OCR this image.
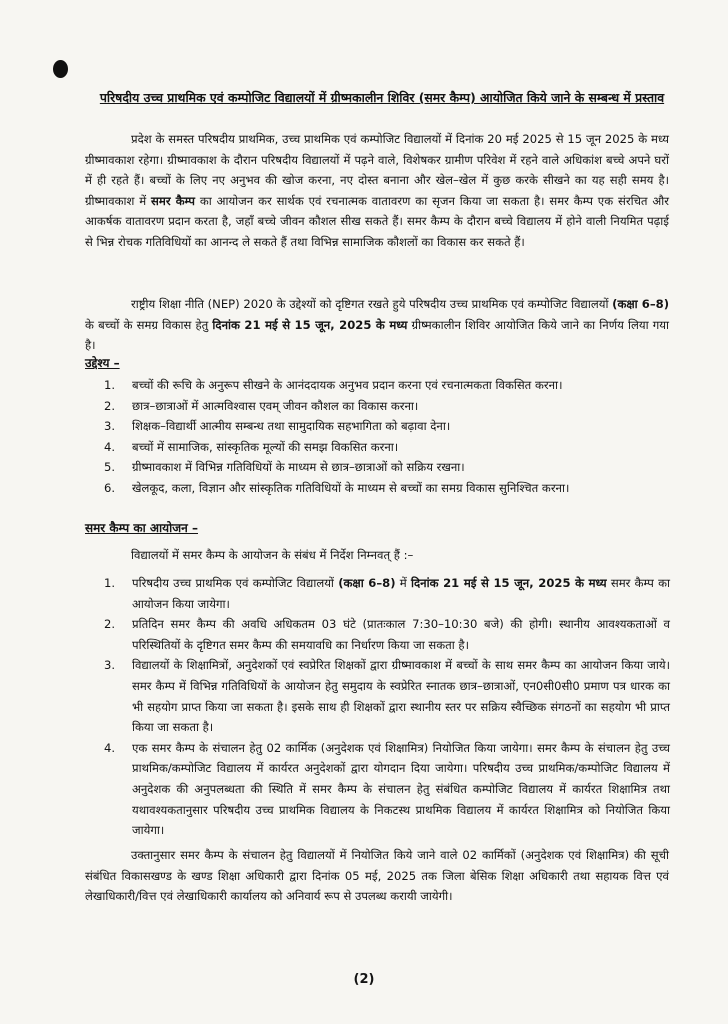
परिषदीय उच्च प्राथमिक एवं कम्पोजिट विद्यालयों में ग्रीष्मकालीन शिविर (समर कैम्प) आयोजित किये जाने के सम्बन्ध में प्रस्ताव

प्रदेश के समस्त परिषदीय प्राथमिक, उच्च प्राथमिक एवं कम्पोजिट विद्यालयों में दिनांक 20 मई 2025 से 15 जून 2025 के मध्य ग्रीष्मावकाश रहेगा। ग्रीष्मावकाश के दौरान परिषदीय विद्यालयों में पढ़ने वाले, विशेषकर ग्रामीण परिवेश में रहने वाले अधिकांश बच्चे अपने घरों में ही रहते हैं। बच्चों के लिए नए अनुभव की खोज करना, नए दोस्त बनाना और खेल–खेल में कुछ करके सीखने का यह सही समय है। ग्रीष्मावकाश में समर कैम्प का आयोजन कर सार्थक एवं रचनात्मक वातावरण का सृजन किया जा सकता है। समर कैम्प एक संरचित और आकर्षक वातावरण प्रदान करता है, जहाँ बच्चे जीवन कौशल सीख सकते हैं। समर कैम्प के दौरान बच्चे विद्यालय में होने वाली नियमित पढ़ाई से भिन्न रोचक गतिविधियों का आनन्द ले सकते हैं तथा विभिन्न सामाजिक कौशलों का विकास कर सकते हैं।

राष्ट्रीय शिक्षा नीति (NEP) 2020 के उद्देश्यों को दृष्टिगत रखते हुये परिषदीय उच्च प्राथमिक एवं कम्पोजिट विद्यालयों (कक्षा 6–8) के बच्चों के समग्र विकास हेतु दिनांक 21 मई से 15 जून, 2025 के मध्य ग्रीष्मकालीन शिविर आयोजित किये जाने का निर्णय लिया गया है।

उद्देश्य –
1. बच्चों की रूचि के अनुरूप सीखने के आनंददायक अनुभव प्रदान करना एवं रचनात्मकता विकसित करना।
2. छात्र–छात्राओं में आत्मविश्वास एवम् जीवन कौशल का विकास करना।
3. शिक्षक–विद्यार्थी आत्मीय सम्बन्ध तथा सामुदायिक सहभागिता को बढ़ावा देना।
4. बच्चों में सामाजिक, सांस्कृतिक मूल्यों की समझ विकसित करना।
5. ग्रीष्मावकाश में विभिन्न गतिविधियों के माध्यम से छात्र–छात्राओं को सक्रिय रखना।
6. खेलकूद, कला, विज्ञान और सांस्कृतिक गतिविधियों के माध्यम से बच्चों का समग्र विकास सुनिश्चित करना।
समर कैम्प का आयोजन –

विद्यालयों में समर कैम्प के आयोजन के संबंध में निर्देश निम्नवत् हैं :–

1. परिषदीय उच्च प्राथमिक एवं कम्पोजिट विद्यालयों (कक्षा 6–8) में दिनांक 21 मई से 15 जून, 2025 के मध्य समर कैम्प का आयोजन किया जायेगा।
2. प्रतिदिन समर कैम्प की अवधि अधिकतम 03 घंटे (प्रातःकाल 7:30–10:30 बजे) की होगी। स्थानीय आवश्यकताओं व परिस्थितियों के दृष्टिगत समर कैम्प की समयावधि का निर्धारण किया जा सकता है।
3. विद्यालयों के शिक्षामित्रों, अनुदेशकों एवं स्वप्रेरित शिक्षकों द्वारा ग्रीष्मावकाश में बच्चों के साथ समर कैम्प का आयोजन किया जाये। समर कैम्प में विभिन्न गतिविधियों के आयोजन हेतु समुदाय के स्वप्रेरित स्नातक छात्र–छात्राओं, एन0सी0सी0 प्रमाण पत्र धारक का भी सहयोग प्राप्त किया जा सकता है। इसके साथ ही शिक्षकों द्वारा स्थानीय स्तर पर सक्रिय स्वैच्छिक संगठनों का सहयोग भी प्राप्त किया जा सकता है।
4. एक समर कैम्प के संचालन हेतु 02 कार्मिक (अनुदेशक एवं शिक्षामित्र) नियोजित किया जायेगा। समर कैम्प के संचालन हेतु उच्च प्राथमिक/कम्पोजिट विद्यालय में कार्यरत अनुदेशकों द्वारा योगदान दिया जायेगा। परिषदीय उच्च प्राथमिक/कम्पोजिट विद्यालय में अनुदेशक की अनुपलब्धता की स्थिति में समर कैम्प के संचालन हेतु संबंधित कम्पोजिट विद्यालय में कार्यरत शिक्षामित्र तथा यथावश्यकतानुसार परिषदीय उच्च प्राथमिक विद्यालय के निकटस्थ प्राथमिक विद्यालय में कार्यरत शिक्षामित्र को नियोजित किया जायेगा।

उक्तानुसार समर कैम्प के संचालन हेतु विद्यालयों में नियोजित किये जाने वाले 02 कार्मिकों (अनुदेशक एवं शिक्षामित्र) की सूची संबंधित विकासखण्ड के खण्ड शिक्षा अधिकारी द्वारा दिनांक 05 मई, 2025 तक जिला बेसिक शिक्षा अधिकारी तथा सहायक वित्त एवं लेखाधिकारी/वित्त एवं लेखाधिकारी कार्यालय को अनिवार्य रूप से उपलब्ध करायी जायेगी।

(2)
